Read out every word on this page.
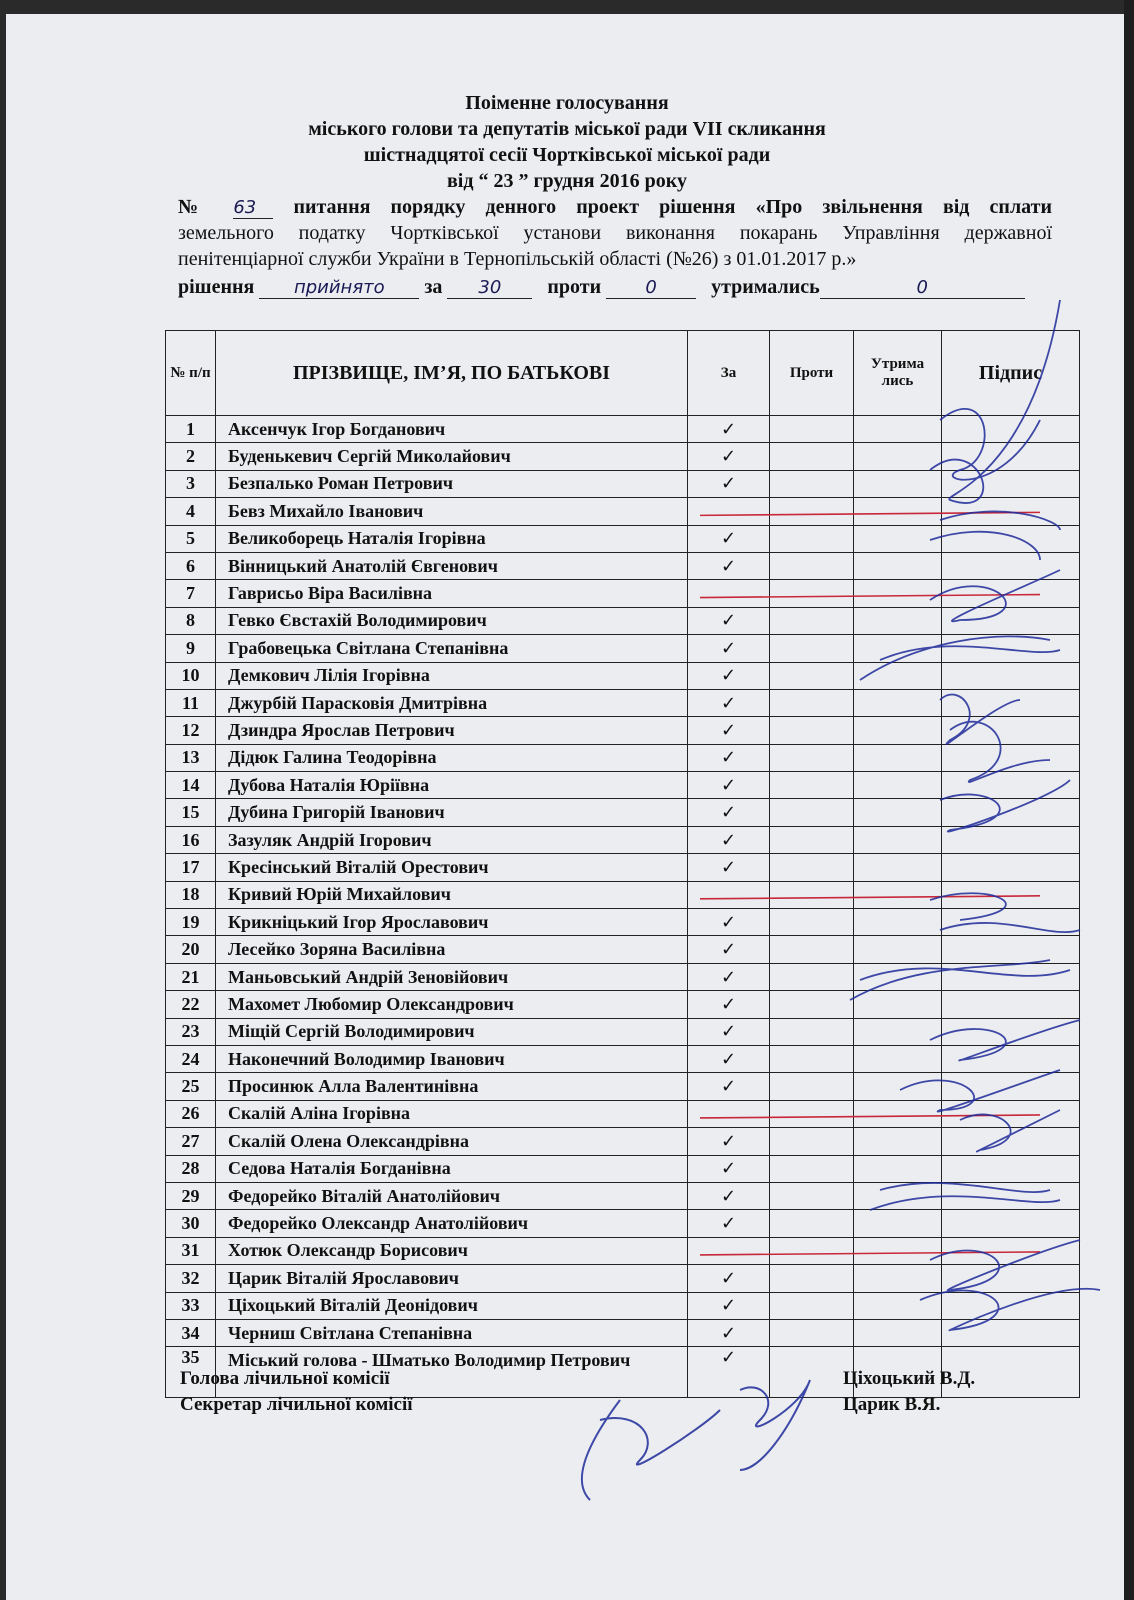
Поіменне голосування
міського голови та депутатів міської ради VІІ скликання
шістнадцятої сесії Чортківської міської ради
від “ 23 ” грудня 2016 року
№ 63 питання порядку денного проект рішення «Про звільнення від сплати
земельного податку Чортківської установи виконання покарань Управління державної
пенітенціарної служби України в Тернопільській області (№26) з 01.01.2017 р.»
рішення прийнято за 30 проти 0	утримались	0
№ п/п	ПРІЗВИЩЕ, ІМ’Я, ПО БАТЬКОВІ	За	Проти	Утрима лись	Підпис
1	Аксенчук Ігор Богданович	✓			
2	Буденькевич Сергій Миколайович	✓			
3	Безпалько Роман Петрович	✓			
4	Бевз Михайло Іванович				
5	Великоборець Наталія Ігорівна	✓			
6	Вінницький Анатолій Євгенович	✓			
7	Гаврисьо Віра Василівна				
8	Гевко Євстахій Володимирович	✓			
9	Грабовецька Світлана Степанівна	✓			
10	Демкович Лілія Ігорівна	✓			
11	Джурбій Парасковія Дмитрівна	✓			
12	Дзиндра Ярослав Петрович	✓			
13	Дідюк Галина Теодорівна	✓			
14	Дубова Наталія Юріївна	✓			
15	Дубина Григорій Іванович	✓			
16	Зазуляк Андрій Ігорович	✓			
17	Кресінський Віталій Орестович	✓			
18	Кривий Юрій Михайлович				
19	Крикніцький Ігор Ярославович	✓			
20	Лесейко Зоряна Василівна	✓			
21	Маньовський Андрій Зеновійович	✓			
22	Махомет Любомир Олександрович	✓			
23	Міщій Сергій Володимирович	✓			
24	Наконечний Володимир Іванович	✓			
25	Просинюк Алла Валентинівна	✓			
26	Скалій Аліна Ігорівна				
27	Скалій Олена Олександрівна	✓			
28	Седова Наталія Богданівна	✓			
29	Федорейко Віталій Анатолійович	✓			
30	Федорейко Олександр Анатолійович	✓			
31	Хотюк Олександр Борисович				
32	Царик Віталій Ярославович	✓			
33	Ціхоцький Віталій Деонідович	✓			
34	Черниш Світлана Степанівна	✓			
35	Міський голова - Шматько Володимир Петрович	✓			
Голова лічильної комісії
Секретар лічильної комісії
Ціхоцький В.Д.
Царик В.Я.
